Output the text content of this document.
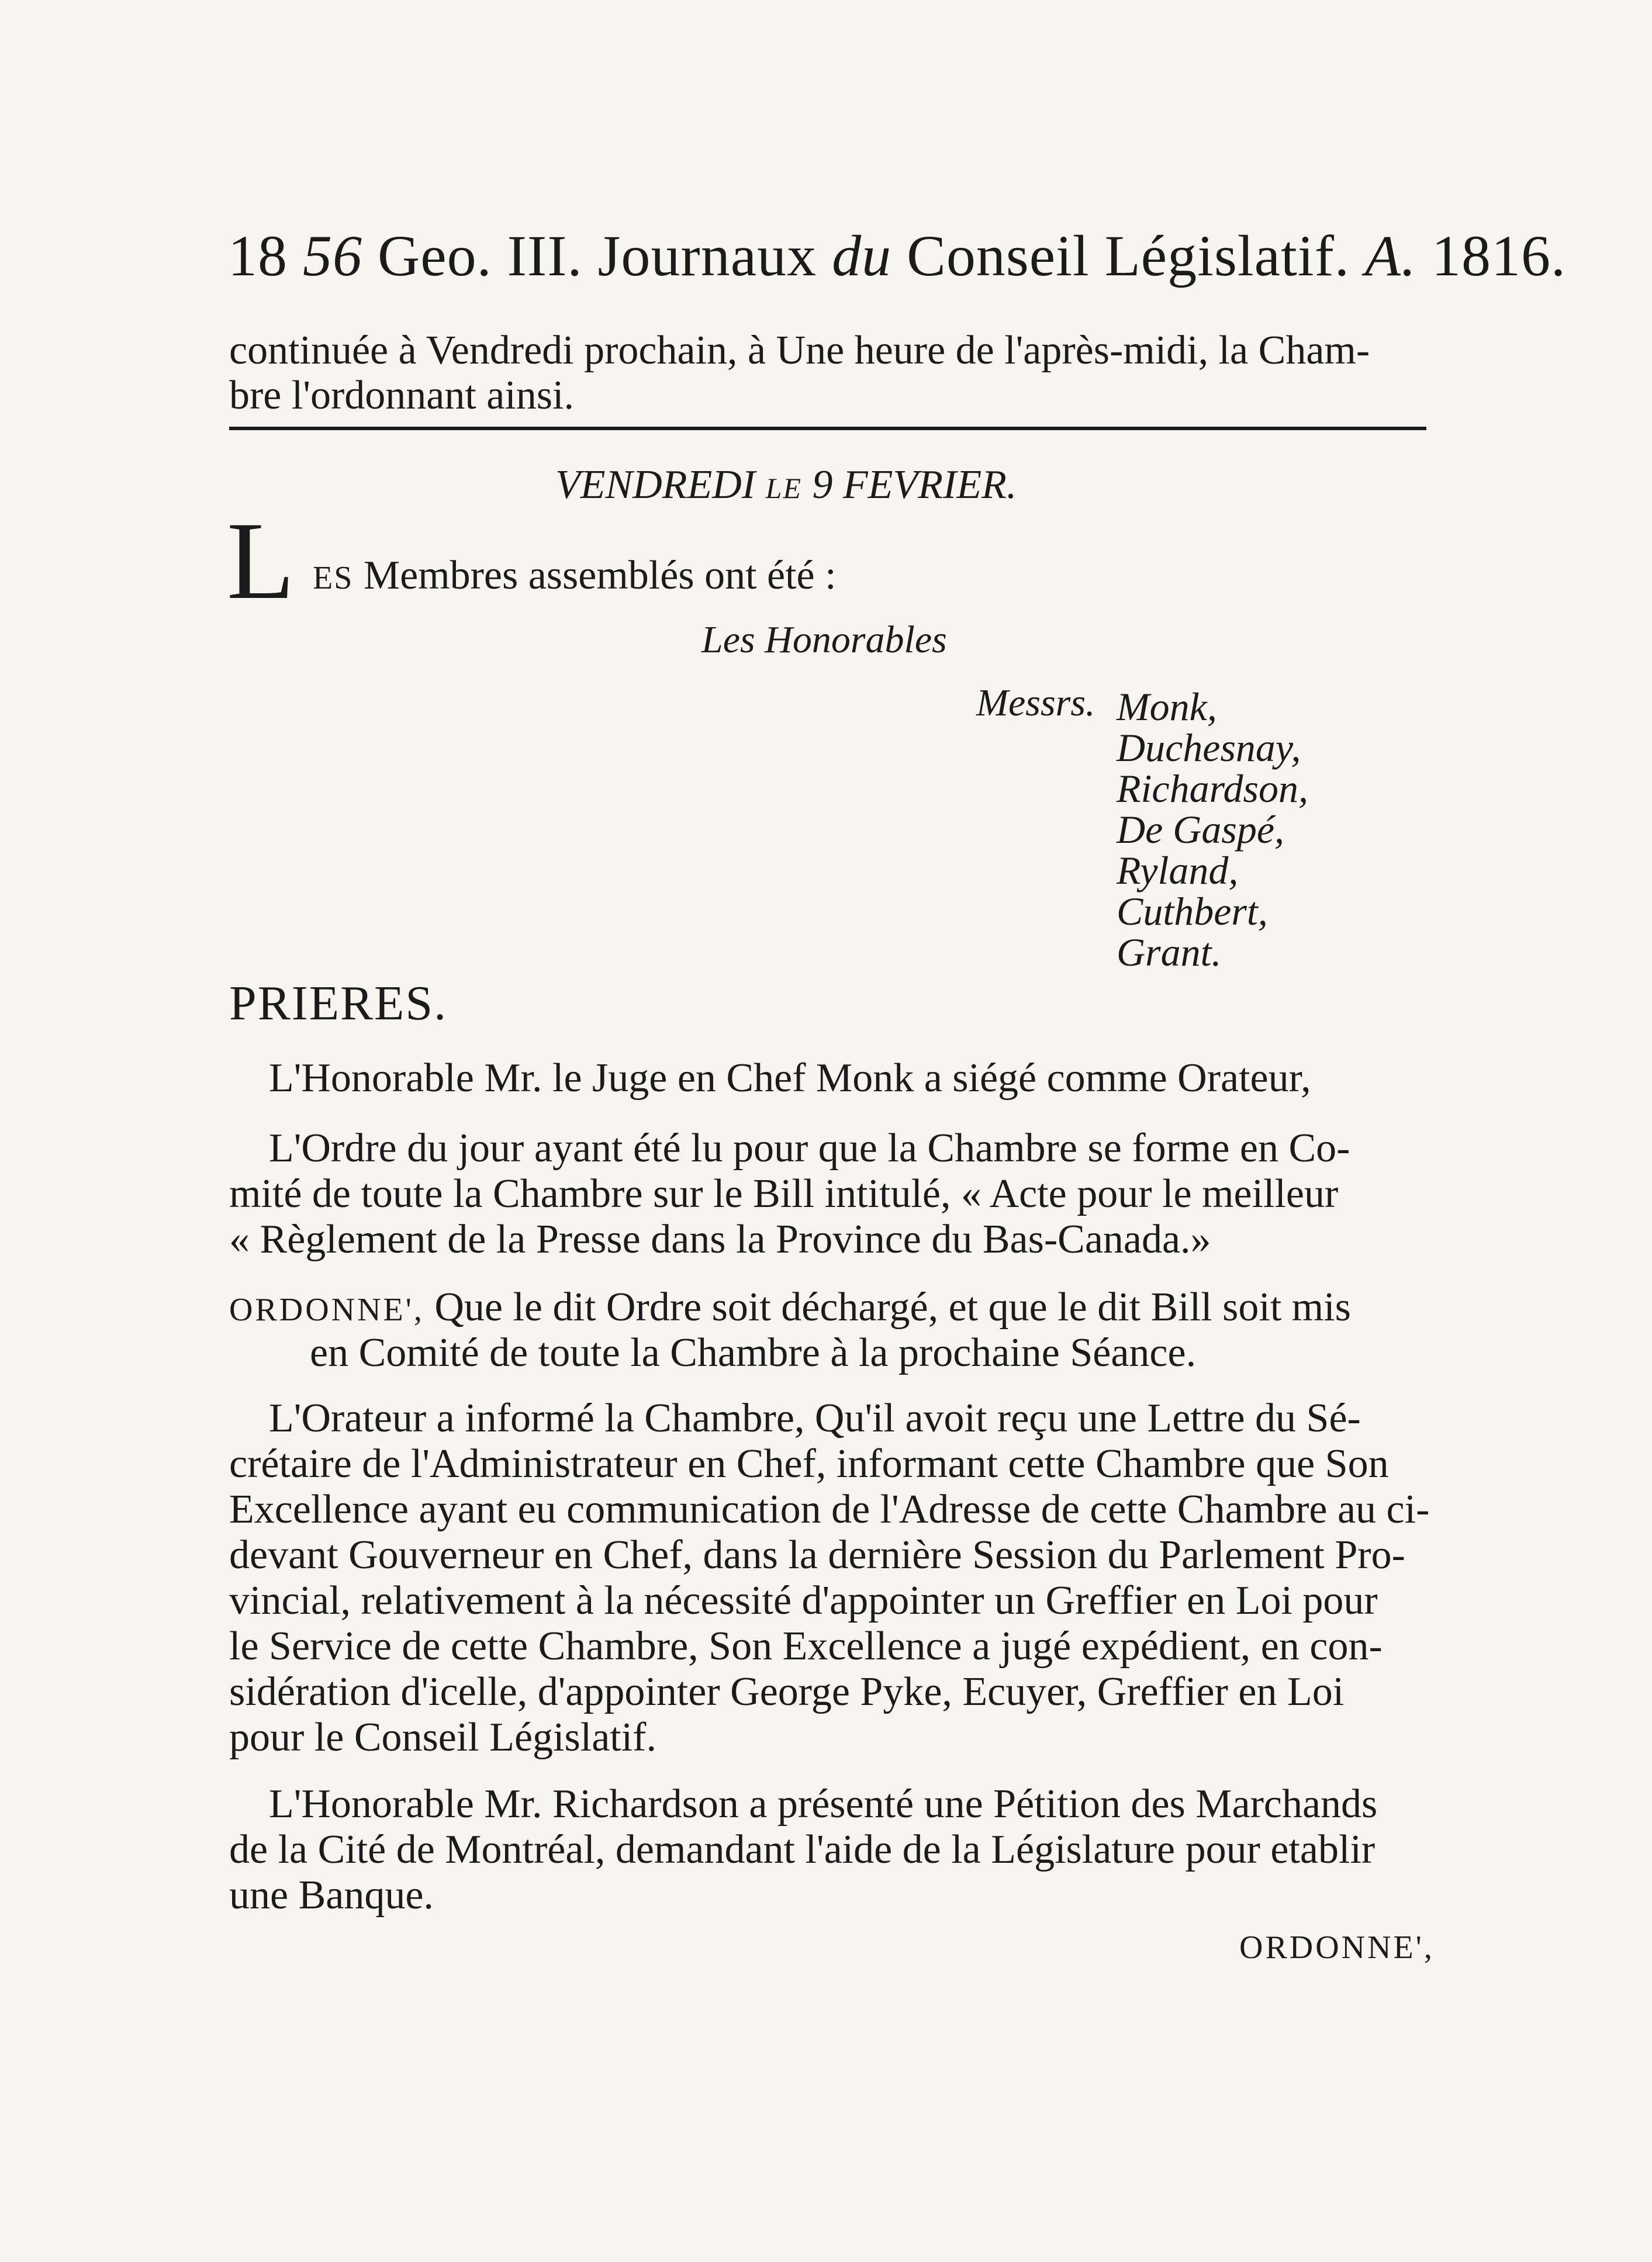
18 56 Geo. III. Journaux du Conseil Législatif. A. 1816.
continuée à Vendredi prochain, à Une heure de l'après-midi, la Cham-
bre l'ordonnant ainsi.
VENDREDI LE 9 FEVRIER.
L ES Membres assemblés ont été :
Les Honorables
Messrs. Monk,
Duchesnay,
Richardson,
De Gaspé,
Ryland,
Cuthbert,
Grant.
PRIERES.
L'Honorable Mr. le Juge en Chef Monk a siégé comme Orateur,
L'Ordre du jour ayant été lu pour que la Chambre se forme en Co-
mité de toute la Chambre sur le Bill intitulé, « Acte pour le meilleur
« Règlement de la Presse dans la Province du Bas-Canada.»
ORDONNE', Que le dit Ordre soit déchargé, et que le dit Bill soit mis
en Comité de toute la Chambre à la prochaine Séance.
L'Orateur a informé la Chambre, Qu'il avoit reçu une Lettre du Sé-
crétaire de l'Administrateur en Chef, informant cette Chambre que Son
Excellence ayant eu communication de l'Adresse de cette Chambre au ci-
devant Gouverneur en Chef, dans la dernière Session du Parlement Pro-
vincial, relativement à la nécessité d'appointer un Greffier en Loi pour
le Service de cette Chambre, Son Excellence a jugé expédient, en con-
sidération d'icelle, d'appointer George Pyke, Ecuyer, Greffier en Loi
pour le Conseil Législatif.
L'Honorable Mr. Richardson a présenté une Pétition des Marchands
de la Cité de Montréal, demandant l'aide de la Législature pour etablir
une Banque.
ORDONNE',
